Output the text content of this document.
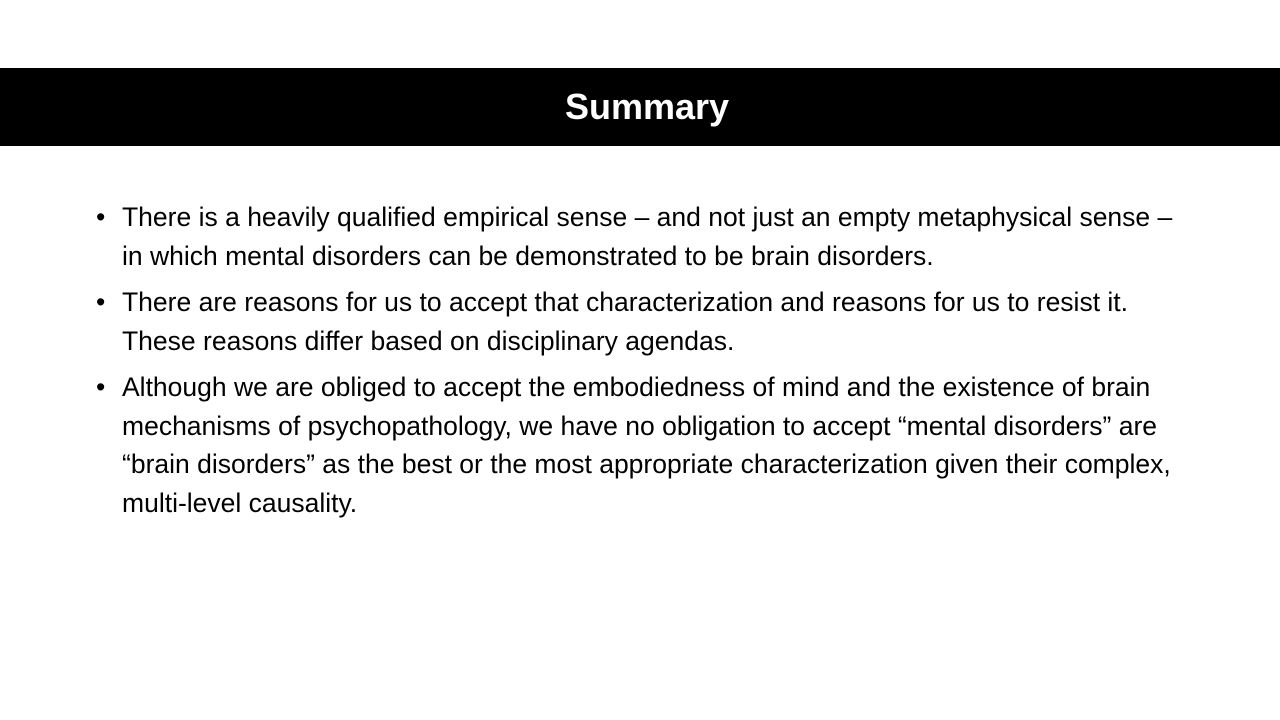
Summary
• There is a heavily qualified empirical sense – and not just an empty metaphysical sense – in which mental disorders can be demonstrated to be brain disorders.
• There are reasons for us to accept that characterization and reasons for us to resist it. These reasons differ based on disciplinary agendas.
• Although we are obliged to accept the embodiedness of mind and the existence of brain mechanisms of psychopathology, we have no obligation to accept “mental disorders” are “brain disorders” as the best or the most appropriate characterization given their complex, multi-level causality.
